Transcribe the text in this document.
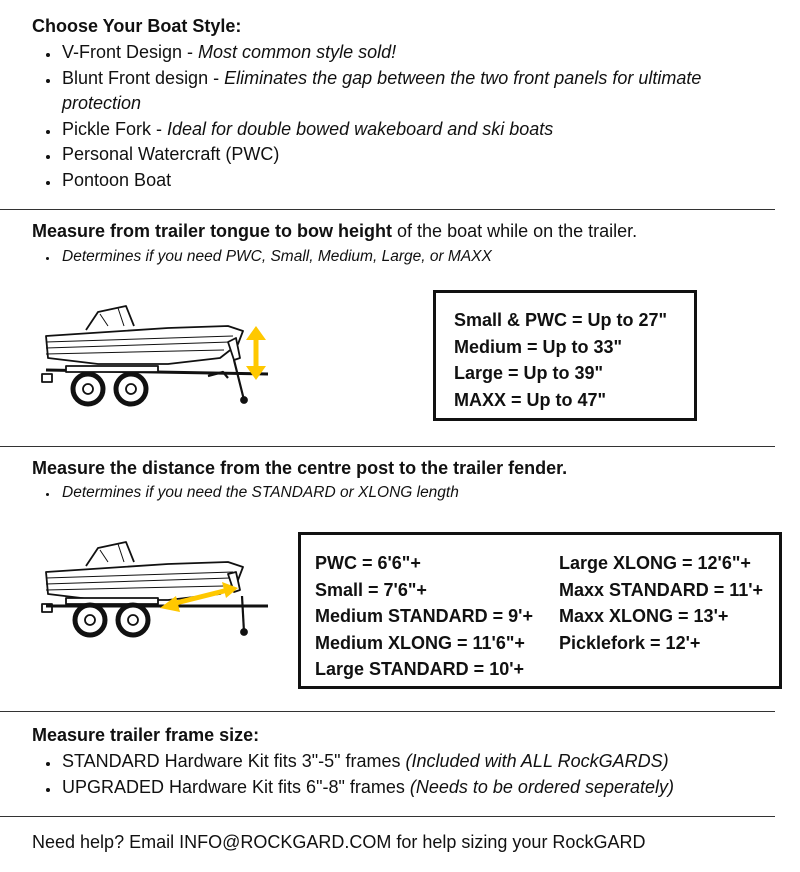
Choose Your Boat Style:
V-Front Design - Most common style sold!
Blunt Front design - Eliminates the gap between the two front panels for ultimate protection
Pickle Fork - Ideal for double bowed wakeboard and ski boats
Personal Watercraft (PWC)
Pontoon Boat
Measure from trailer tongue to bow height of the boat while on the trailer.
Determines if you need PWC, Small, Medium, Large, or MAXX
Small & PWC = Up to 27"
Medium = Up to 33"
Large = Up to 39"
MAXX = Up to 47"
Measure the distance from the centre post to the trailer fender.
Determines if you need the STANDARD or XLONG length
PWC = 6'6"+
Small = 7'6"+
Medium STANDARD = 9'+
Medium XLONG = 11'6"+
Large STANDARD = 10'+
Large XLONG = 12'6"+
Maxx STANDARD = 11'+
Maxx XLONG = 13'+
Picklefork = 12'+
Measure trailer frame size:
STANDARD Hardware Kit fits 3"-5" frames (Included with ALL RockGARDS)
UPGRADED Hardware Kit fits 6"-8" frames (Needs to be ordered seperately)
Need help? Email INFO@ROCKGARD.COM for help sizing your RockGARD
